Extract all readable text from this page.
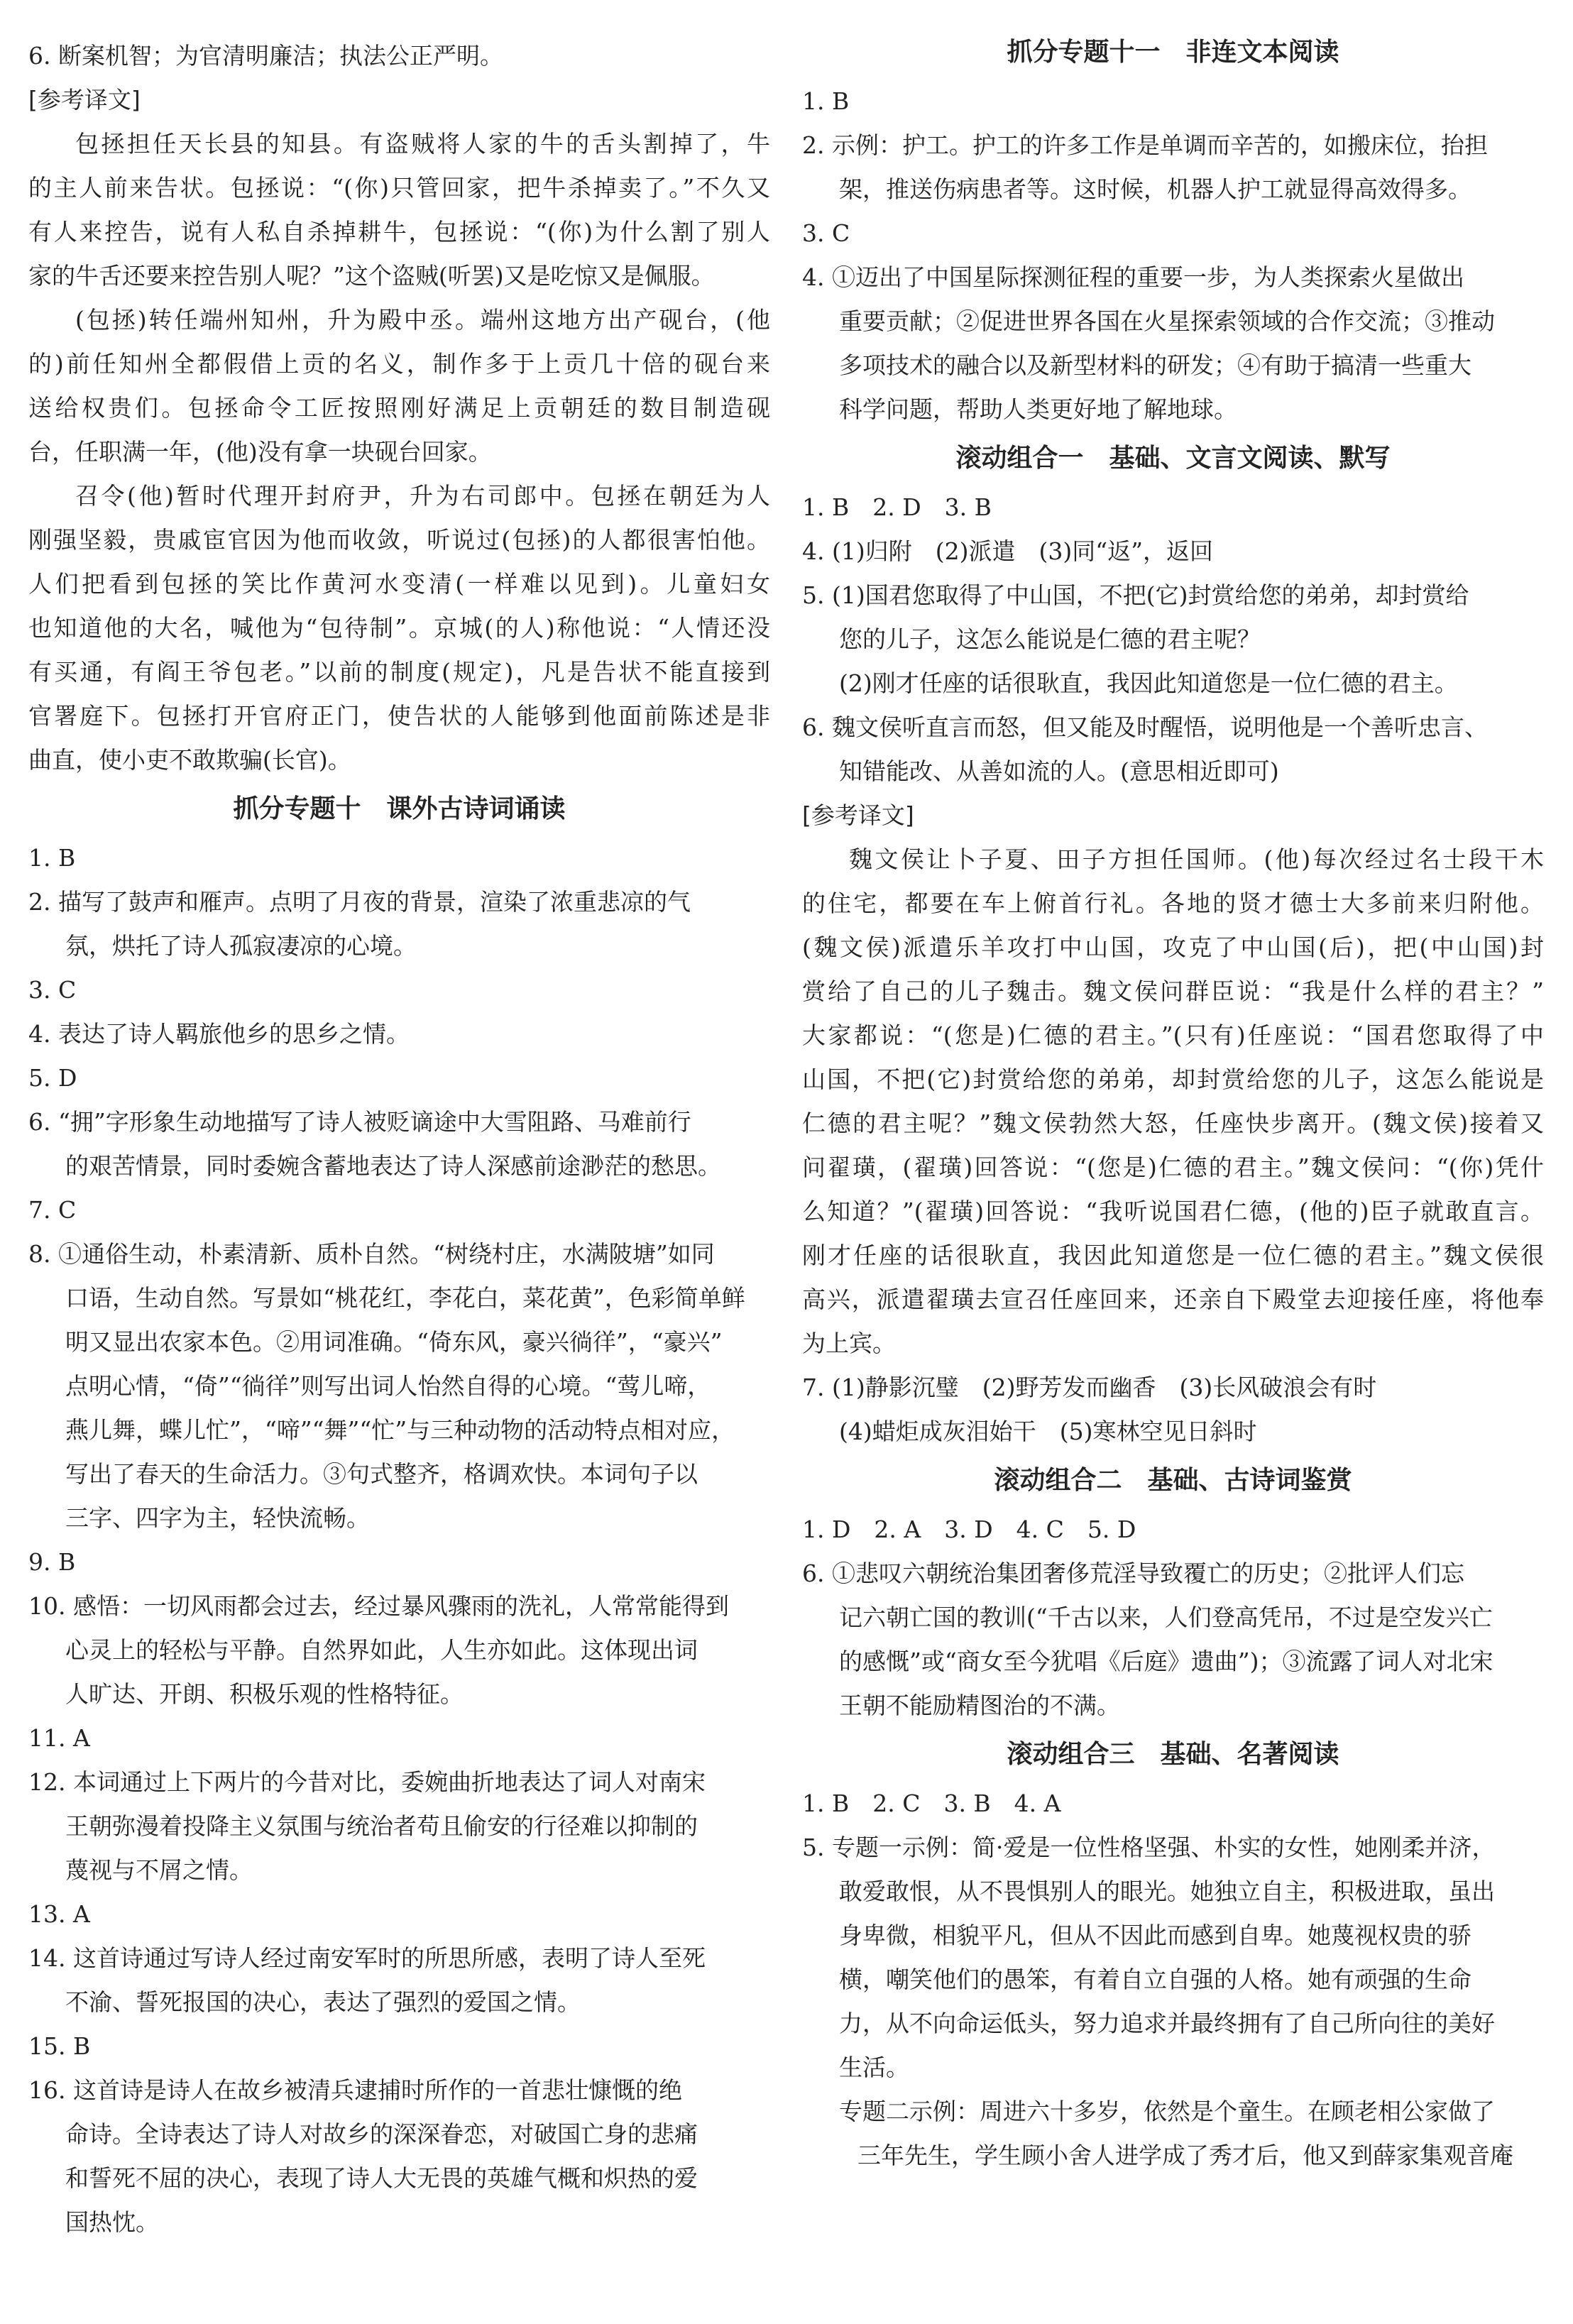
6. 断案机智；为官清明廉洁；执法公正严明。

[参考译文]

包拯担任天长县的知县。有盗贼将人家的牛的舌头割掉了，牛

的主人前来告状。包拯说：“(你)只管回家，把牛杀掉卖了。”不久又

有人来控告，说有人私自杀掉耕牛，包拯说：“(你)为什么割了别人

家的牛舌还要来控告别人呢？”这个盗贼(听罢)又是吃惊又是佩服。

(包拯)转任端州知州，升为殿中丞。端州这地方出产砚台，(他

的)前任知州全都假借上贡的名义，制作多于上贡几十倍的砚台来

送给权贵们。包拯命令工匠按照刚好满足上贡朝廷的数目制造砚

台，任职满一年，(他)没有拿一块砚台回家。

召令(他)暂时代理开封府尹，升为右司郎中。包拯在朝廷为人

刚强坚毅，贵戚宦官因为他而收敛，听说过(包拯)的人都很害怕他。

人们把看到包拯的笑比作黄河水变清(一样难以见到)。儿童妇女

也知道他的大名，喊他为“包待制”。京城(的人)称他说：“人情还没

有买通，有阎王爷包老。”以前的制度(规定)，凡是告状不能直接到

官署庭下。包拯打开官府正门，使告状的人能够到他面前陈述是非

曲直，使小吏不敢欺骗(长官)。

抓分专题十　课外古诗词诵读

1. B

2. 描写了鼓声和雁声。点明了月夜的背景，渲染了浓重悲凉的气

氛，烘托了诗人孤寂凄凉的心境。

3. C

4. 表达了诗人羁旅他乡的思乡之情。

5. D

6. “拥”字形象生动地描写了诗人被贬谪途中大雪阻路、马难前行

的艰苦情景，同时委婉含蓄地表达了诗人深感前途渺茫的愁思。

7. C

8. ①通俗生动，朴素清新、质朴自然。“树绕村庄，水满陂塘”如同

口语，生动自然。写景如“桃花红，李花白，菜花黄”，色彩简单鲜

明又显出农家本色。②用词准确。“倚东风，豪兴徜徉”，“豪兴”

点明心情，“倚”“徜徉”则写出词人怡然自得的心境。“莺儿啼，

燕儿舞，蝶儿忙”，“啼”“舞”“忙”与三种动物的活动特点相对应，

写出了春天的生命活力。③句式整齐，格调欢快。本词句子以

三字、四字为主，轻快流畅。

9. B

10. 感悟：一切风雨都会过去，经过暴风骤雨的洗礼，人常常能得到

心灵上的轻松与平静。自然界如此，人生亦如此。这体现出词

人旷达、开朗、积极乐观的性格特征。

11. A

12. 本词通过上下两片的今昔对比，委婉曲折地表达了词人对南宋

王朝弥漫着投降主义氛围与统治者苟且偷安的行径难以抑制的

蔑视与不屑之情。

13. A

14. 这首诗通过写诗人经过南安军时的所思所感，表明了诗人至死

不渝、誓死报国的决心，表达了强烈的爱国之情。

15. B

16. 这首诗是诗人在故乡被清兵逮捕时所作的一首悲壮慷慨的绝

命诗。全诗表达了诗人对故乡的深深眷恋，对破国亡身的悲痛

和誓死不屈的决心，表现了诗人大无畏的英雄气概和炽热的爱

国热忱。

抓分专题十一　非连文本阅读

1. B

2. 示例：护工。护工的许多工作是单调而辛苦的，如搬床位，抬担

架，推送伤病患者等。这时候，机器人护工就显得高效得多。

3. C

4. ①迈出了中国星际探测征程的重要一步，为人类探索火星做出

重要贡献；②促进世界各国在火星探索领域的合作交流；③推动

多项技术的融合以及新型材料的研发；④有助于搞清一些重大

科学问题，帮助人类更好地了解地球。

滚动组合一　基础、文言文阅读、默写

1. B　2. D　3. B

4. (1)归附　(2)派遣　(3)同“返”，返回

5. (1)国君您取得了中山国，不把(它)封赏给您的弟弟，却封赏给

您的儿子，这怎么能说是仁德的君主呢？

(2)刚才任座的话很耿直，我因此知道您是一位仁德的君主。

6. 魏文侯听直言而怒，但又能及时醒悟，说明他是一个善听忠言、

知错能改、从善如流的人。(意思相近即可)

[参考译文]

魏文侯让卜子夏、田子方担任国师。(他)每次经过名士段干木

的住宅，都要在车上俯首行礼。各地的贤才德士大多前来归附他。

(魏文侯)派遣乐羊攻打中山国，攻克了中山国(后)，把(中山国)封

赏给了自己的儿子魏击。魏文侯问群臣说：“我是什么样的君主？”

大家都说：“(您是)仁德的君主。”(只有)任座说：“国君您取得了中

山国，不把(它)封赏给您的弟弟，却封赏给您的儿子，这怎么能说是

仁德的君主呢？”魏文侯勃然大怒，任座快步离开。(魏文侯)接着又

问翟璜，(翟璜)回答说：“(您是)仁德的君主。”魏文侯问：“(你)凭什

么知道？”(翟璜)回答说：“我听说国君仁德，(他的)臣子就敢直言。

刚才任座的话很耿直，我因此知道您是一位仁德的君主。”魏文侯很

高兴，派遣翟璜去宣召任座回来，还亲自下殿堂去迎接任座，将他奉

为上宾。

7. (1)静影沉璧　(2)野芳发而幽香　(3)长风破浪会有时

(4)蜡炬成灰泪始干　(5)寒林空见日斜时

滚动组合二　基础、古诗词鉴赏

1. D　2. A　3. D　4. C　5. D

6. ①悲叹六朝统治集团奢侈荒淫导致覆亡的历史；②批评人们忘

记六朝亡国的教训(“千古以来，人们登高凭吊，不过是空发兴亡

的感慨”或“商女至今犹唱《后庭》遗曲”)；③流露了词人对北宋

王朝不能励精图治的不满。

滚动组合三　基础、名著阅读

1. B　2. C　3. B　4. A

5. 专题一示例：简·爱是一位性格坚强、朴实的女性，她刚柔并济，

敢爱敢恨，从不畏惧别人的眼光。她独立自主，积极进取，虽出

身卑微，相貌平凡，但从不因此而感到自卑。她蔑视权贵的骄

横，嘲笑他们的愚笨，有着自立自强的人格。她有顽强的生命

力，从不向命运低头，努力追求并最终拥有了自己所向往的美好

生活。

专题二示例：周进六十多岁，依然是个童生。在顾老相公家做了

三年先生，学生顾小舍人进学成了秀才后，他又到薛家集观音庵
